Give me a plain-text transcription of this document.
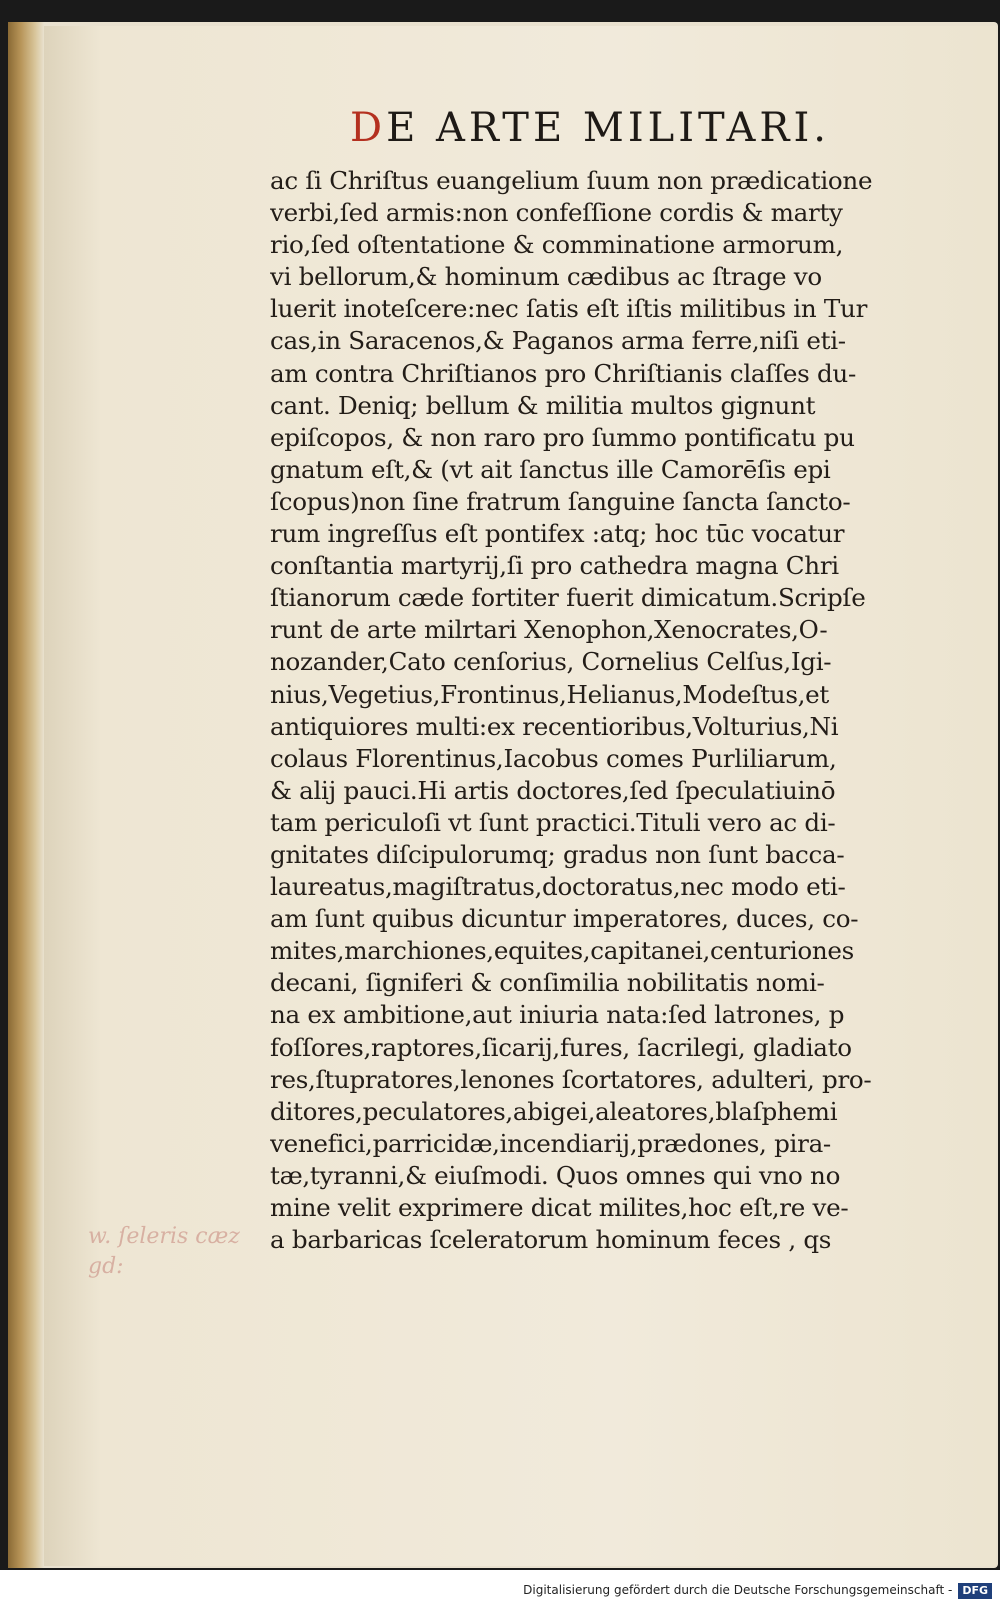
DE ARTE MILITARI.
ac ſi Chriſtus euangelium ſuum non prædicatione
verbi,ſed armis:non confeſſione cordis & marty
rio,ſed oſtentatione & comminatione armorum,
vi bellorum,& hominum cædibus ac ſtrage vo
luerit inoteſcere:nec ſatis eſt iſtis militibus in Tur
cas,in Saracenos,& Paganos arma ferre,niſi eti-
am contra Chriſtianos pro Chriſtianis claſſes du-
cant. Deniq; bellum & militia multos gignunt
epiſcopos, & non raro pro ſummo pontificatu pu
gnatum eſt,& (vt ait ſanctus ille Camorēſis epi
ſcopus)non ſine fratrum ſanguine ſancta ſancto-
rum ingreſſus eſt pontifex :atq; hoc tūc vocatur
conſtantia martyrij,ſi pro cathedra magna Chri
ſtianorum cæde fortiter fuerit dimicatum.Scripſe
runt de arte milrtari Xenophon,Xenocrates,O-
nozander,Cato cenſorius, Cornelius Celſus,Igi-
nius,Vegetius,Frontinus,Helianus,Modeſtus,et
antiquiores multi:ex recentioribus,Volturius,Ni
colaus Florentinus,Iacobus comes Purliliarum,
& alij pauci.Hi artis doctores,ſed ſpeculatiuinō
tam periculoſi vt ſunt practici.Tituli vero ac di-
gnitates diſcipulorumq; gradus non ſunt bacca-
laureatus,magiſtratus,doctoratus,nec modo eti-
am ſunt quibus dicuntur imperatores, duces, co-
mites,marchiones,equites,capitanei,centuriones
decani, ſigniferi & conſimilia nobilitatis nomi-
na ex ambitione,aut iniuria nata:ſed latrones, p
foſſores,raptores,ſicarij,fures, ſacrilegi, gladiato
res,ſtupratores,lenones ſcortatores, adulteri, pro-
ditores,peculatores,abigei,aleatores,blaſphemi
venefici,parricidæ,incendiarij,prædones, pira-
tæ,tyranni,& eiuſmodi. Quos omnes qui vno no
mine velit exprimere dicat milites,hoc eſt,re ve-
a barbaricas ſceleratorum hominum feces , qs
w. ſeleris cæz
gd:
Digitalisierung gefördert durch die Deutsche Forschungsgemeinschaft - DFG
